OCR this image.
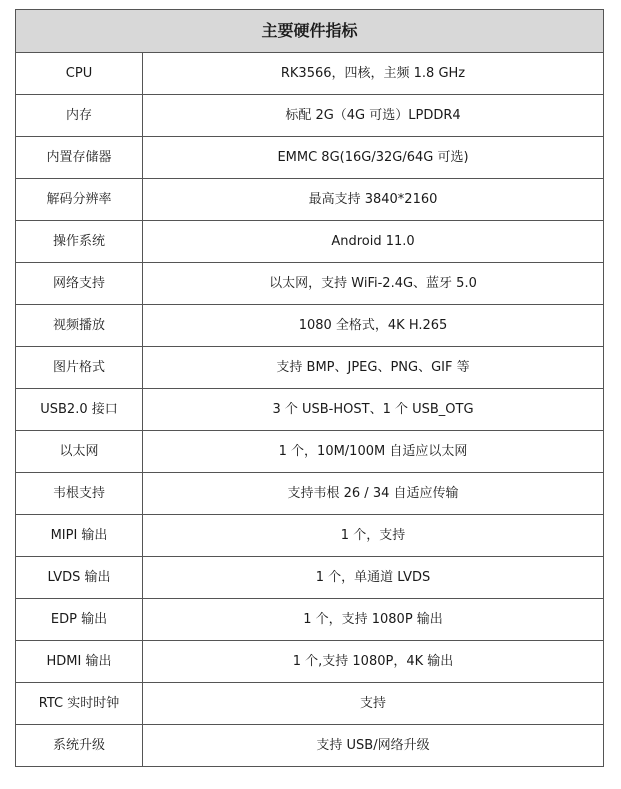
主要硬件指标	
CPU	RK3566，四核，主频 1.8 GHz
内存	标配 2G（4G 可选）LPDDR4
内置存储器	EMMC 8G(16G/32G/64G 可选)
解码分辨率	最高支持 3840*2160
操作系统	Android 11.0
网络支持	以太网，支持 WiFi-2.4G、蓝牙 5.0
视频播放	1080 全格式，4K H.265
图片格式	支持 BMP、JPEG、PNG、GIF 等
USB2.0 接口	3 个 USB-HOST、1 个 USB_OTG
以太网	1 个，10M/100M 自适应以太网
韦根支持	支持韦根 26 / 34 自适应传输
MIPI 输出	1 个，支持
LVDS 输出	1 个，单通道 LVDS
EDP 输出	1 个，支持 1080P 输出
HDMI 输出	1 个,支持 1080P，4K 输出
RTC 实时时钟	支持
系统升级	支持 USB/网络升级
